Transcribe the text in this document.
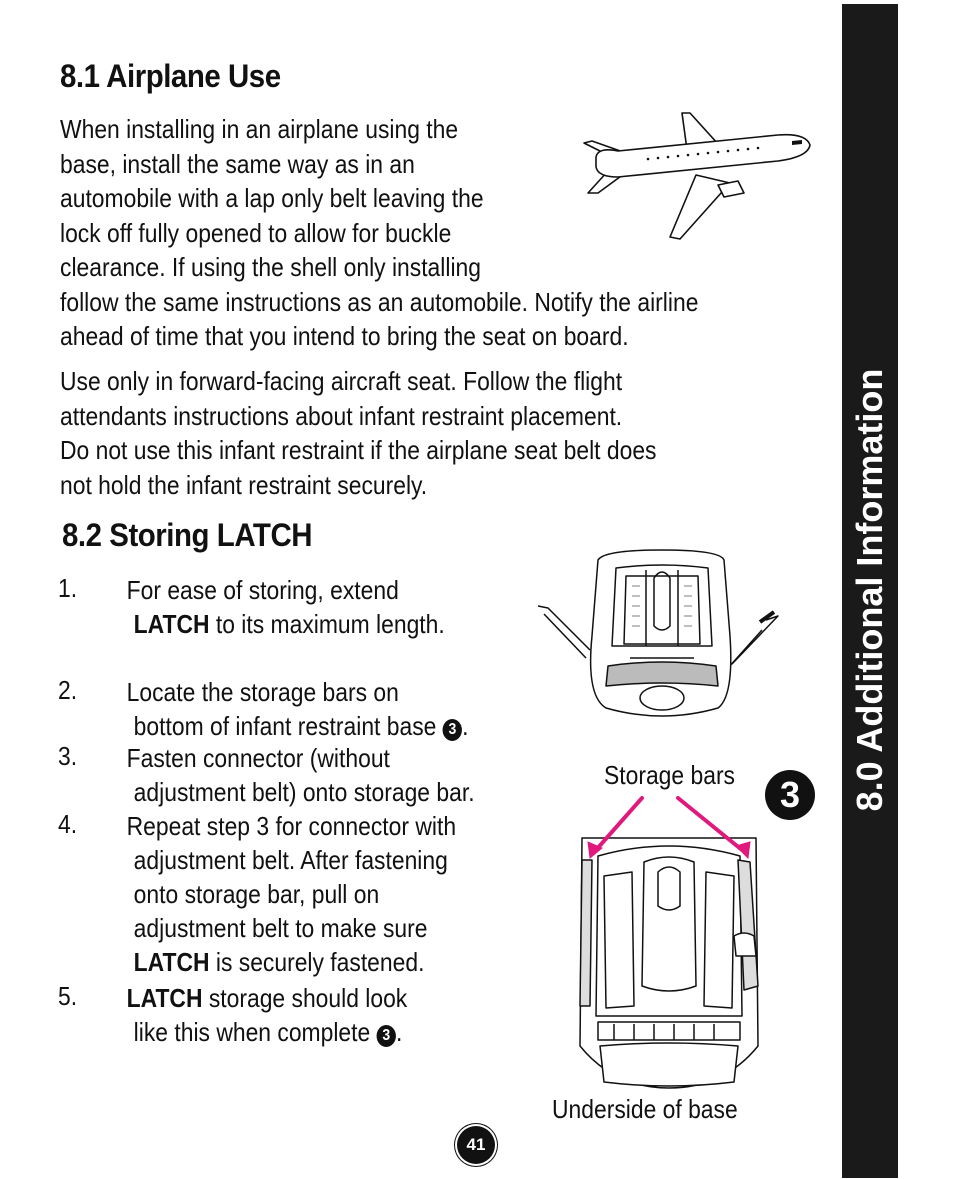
8.0 Additional Information
8.1 Airplane Use
When installing in an airplane using the
base, install the same way as in an
automobile with a lap only belt leaving the
lock off fully opened to allow for buckle
clearance. If using the shell only installing
follow the same instructions as an automobile. Notify the airline
ahead of time that you intend to bring the seat on board.
Use only in forward-facing aircraft seat. Follow the flight
attendants instructions about infant restraint placement.
Do not use this infant restraint if the airplane seat belt does
not hold the infant restraint securely.
8.2 Storing LATCH
1.	For ease of storing, extend
LATCH to its maximum length.
2.	Locate the storage bars on
bottom of infant restraint base 3 .
3.	Fasten connector (without
adjustment belt) onto storage bar.
4.	Repeat step 3 for connector with
adjustment belt. After fastening
onto storage bar, pull on
adjustment belt to make sure
LATCH is securely fastened.
5.	LATCH storage should look
like this when complete 3 .
Storage bars	3
Underside of base
41
